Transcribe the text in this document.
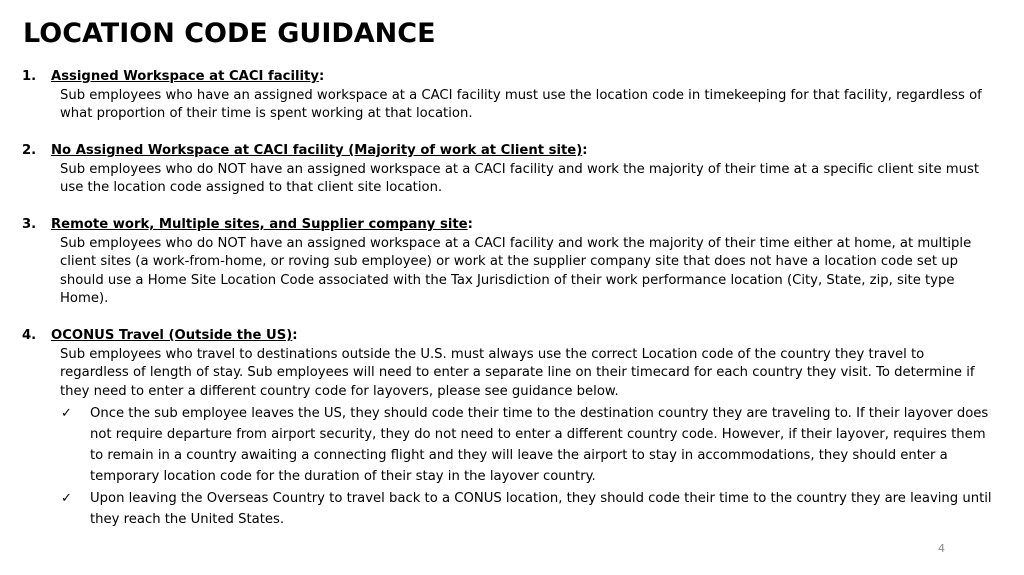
LOCATION CODE GUIDANCE
1.	Assigned Workspace at CACI facility :
Sub employees who have an assigned workspace at a CACI facility must use the location code in timekeeping for that facility, regardless of what proportion of their time is spent working at that location.
2.	No Assigned Workspace at CACI facility (Majority of work at Client site) :
Sub employees who do NOT have an assigned workspace at a CACI facility and work the majority of their time at a specific client site must use the location code assigned to that client site location.
3.	Remote work, Multiple sites, and Supplier company site :
Sub employees who do NOT have an assigned workspace at a CACI facility and work the majority of their time either at home, at multiple client sites (a work-from-home, or roving sub employee) or work at the supplier company site that does not have a location code set up should use a Home Site Location Code associated with the Tax Jurisdiction of their work performance location (City, State, zip, site type Home).
4.	OCONUS Travel (Outside the US) :
Sub employees who travel to destinations outside the U.S. must always use the correct Location code of the country they travel to regardless of length of stay. Sub employees will need to enter a separate line on their timecard for each country they visit. To determine if they need to enter a different country code for layovers, please see guidance below.
✓	Once the sub employee leaves the US, they should code their time to the destination country they are traveling to. If their layover does not require departure from airport security, they do not need to enter a different country code. However, if their layover, requires them to remain in a country awaiting a connecting flight and they will leave the airport to stay in accommodations, they should enter a temporary location code for the duration of their stay in the layover country.
✓	Upon leaving the Overseas Country to travel back to a CONUS location, they should code their time to the country they are leaving until they reach the United States.
4
